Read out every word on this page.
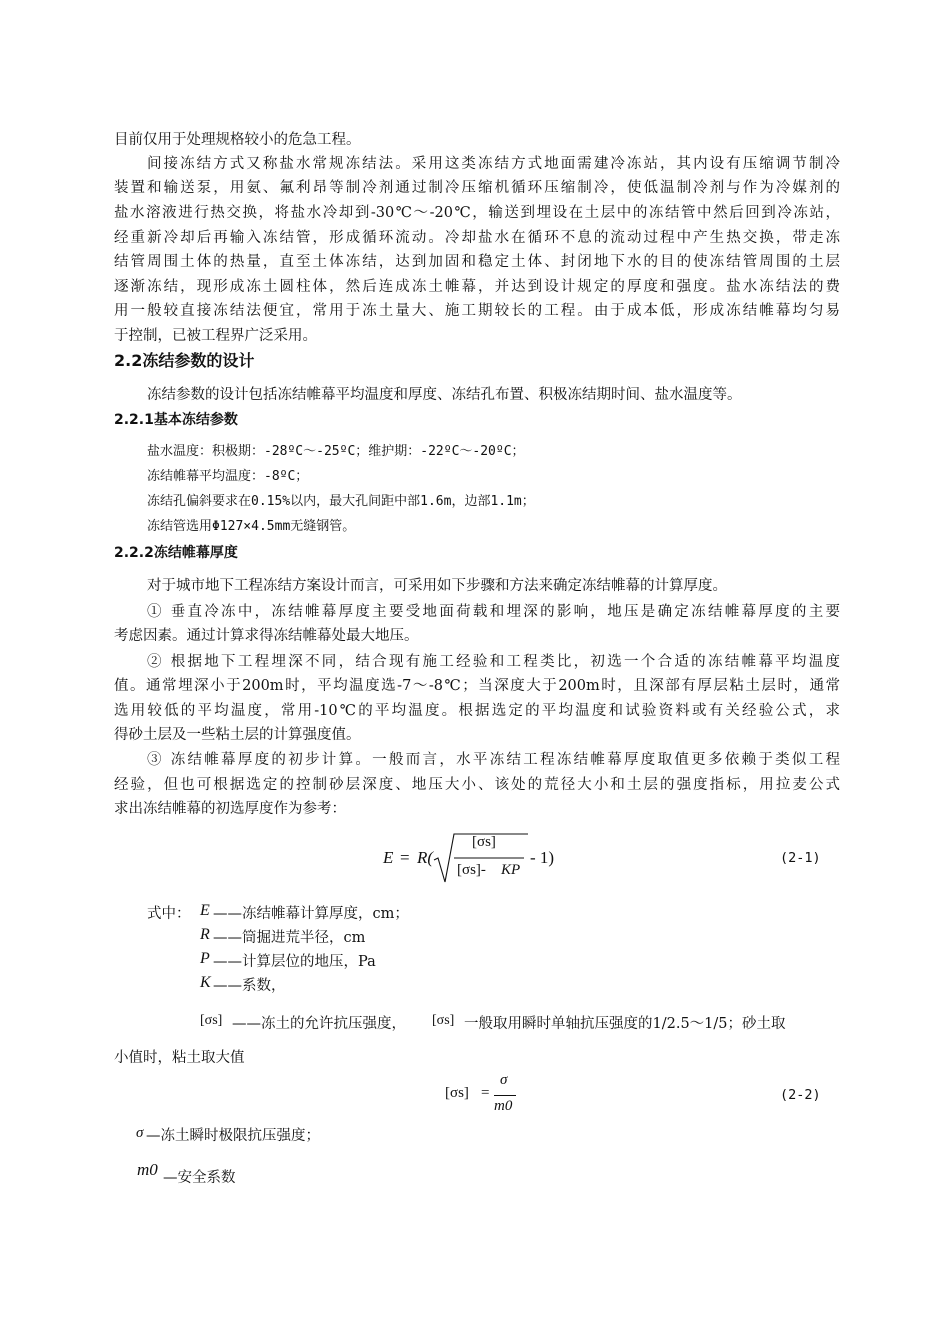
目前仅用于处理规格较小的危急工程。
间接冻结方式又称盐水常规冻结法。采用这类冻结方式地面需建冷冻站，其内设有压缩调节制冷
装置和输送泵，用氨、氟利昂等制冷剂通过制冷压缩机循环压缩制冷，使低温制冷剂与作为冷媒剂的
盐水溶液进行热交换，将盐水冷却到-30℃～-20℃，输送到埋设在土层中的冻结管中然后回到冷冻站，
经重新冷却后再输入冻结管，形成循环流动。冷却盐水在循环不息的流动过程中产生热交换，带走冻
结管周围土体的热量，直至土体冻结，达到加固和稳定土体、封闭地下水的目的使冻结管周围的土层
逐渐冻结，现形成冻土圆柱体，然后连成冻土帷幕，并达到设计规定的厚度和强度。盐水冻结法的费
用一般较直接冻结法便宜，常用于冻土量大、施工期较长的工程。由于成本低，形成冻结帷幕均匀易
于控制，已被工程界广泛采用。
2.2冻结参数的设计
冻结参数的设计包括冻结帷幕平均温度和厚度、冻结孔布置、积极冻结期时间、盐水温度等。
2.2.1基本冻结参数
盐水温度：积极期：-28ºC～-25ºC；维护期：-22ºC～-20ºC；
冻结帷幕平均温度：-8ºC；
冻结孔偏斜要求在0.15%以内，最大孔间距中部1.6m，边部1.1m；
冻结管选用Φ127×4.5mm无缝钢管。
2.2.2冻结帷幕厚度
对于城市地下工程冻结方案设计而言，可采用如下步骤和方法来确定冻结帷幕的计算厚度。
① 垂直冷冻中，冻结帷幕厚度主要受地面荷载和埋深的影响，地压是确定冻结帷幕厚度的主要
考虑因素。通过计算求得冻结帷幕处最大地压。
② 根据地下工程埋深不同，结合现有施工经验和工程类比，初选一个合适的冻结帷幕平均温度
值。通常埋深小于200m时，平均温度选-7～-8℃；当深度大于200m时，且深部有厚层粘土层时，通常
选用较低的平均温度，常用-10℃的平均温度。根据选定的平均温度和试验资料或有关经验公式，求
得砂土层及一些粘土层的计算强度值。
③ 冻结帷幕厚度的初步计算。一般而言，水平冻结工程冻结帷幕厚度取值更多依赖于类似工程
经验，但也可根据选定的控制砂层深度、地压大小、该处的荒径大小和土层的强度指标，用拉麦公式
求出冻结帷幕的初选厚度作为参考：
E = R(
[σs]
[σs]- KP
- 1)	(2-1)
式中： E ——冻结帷幕计算厚度，cm；
R ——筒掘进荒半径，cm
P ——计算层位的地压，Pa
K ——系数，
[σs] ——冻土的允许抗压强度， [σs] 一般取用瞬时单轴抗压强度的1/2.5～1/5；砂土取
小值时，粘土取大值
[σs] =
σ
m0
(2-2)
σ —冻土瞬时极限抗压强度；
m0 —安全系数
